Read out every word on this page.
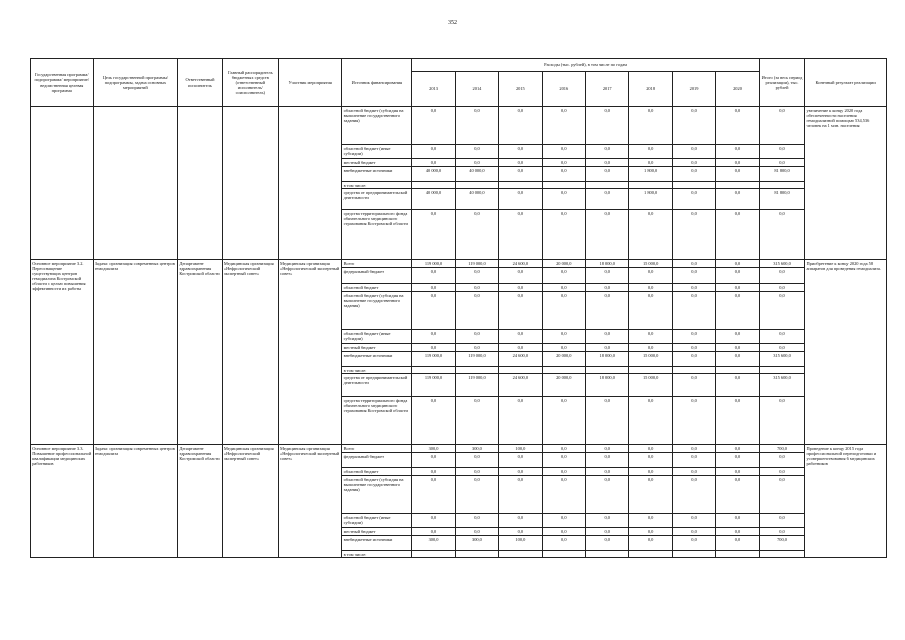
352
Государственная программа/подпрограмма/ мероприятие/ ведомственная целевая программа	Цель государственной программы/подпрограммы, задача основных мероприятий	Ответственный исполнитель	Главный распорядитель бюджетных средств (ответственный исполнитель/ соисполнитель)	Участник мероприятия	Источник финансирования	Расходы (тыс. рублей), в том числе по годам								Итого (за весь период реализации), тыс. рублей	Конечный результат реализации
						2013	2014	2015	2016	2017	2018	2019	2020		
					областной бюджет (субсидия на выполнение государственного задания)	0,0	0,0	0,0	0,0	0,0	0,0	0,0	0,0	0,0	увеличение к концу 2020 года обеспеченности населения гемодиализной помощью 534,536 человек на 1 млн. населения
					областной бюджет (иные субсидии)	0,0	0,0	0,0	0,0	0,0	0,0	0,0	0,0	0,0	
					местный бюджет	0,0	0,0	0,0	0,0	0,0	0,0	0,0	0,0	0,0	
					внебюджетные источники	40 000,0	40 000,0	0,0	0,0	0,0	1 800,0	0,0	0,0	81 800,0	
					в том числе:										
					средства от предпринимательской деятельности	40 000,0	40 000,0	0,0	0,0	0,0	1 800,0	0,0	0,0	81 800,0	
					средства территориального фонда обязательного медицинского страхования Костромской области	0,0	0,0	0,0	0,0	0,0	0,0	0,0	0,0	0,0	
Основное мероприятие 3.2. Переоснащение существующих центров гемодиализа Костромской области с целью повышения эффективности их работы	Задача: организация современных центров гемодиализа	Департамент здравоохранения Костромской области	Медицинская организация «Нефрологический экспертный совет»	Медицинская организация «Нефрологический экспертный совет»	Всего	119 000,0	119 000,0	24 600,0	20 000,0	18 000,0	15 000,0	0,0	0,0	315 600,0	Приобретение к концу 2020 года 58 аппаратов для проведения гемодиализа.
					федеральный бюджет	0,0	0,0	0,0	0,0	0,0	0,0	0,0	0,0	0,0	
					областной бюджет	0,0	0,0	0,0	0,0	0,0	0,0	0,0	0,0	0,0	
					областной бюджет (субсидия на выполнение государственного задания)	0,0	0,0	0,0	0,0	0,0	0,0	0,0	0,0	0,0	
					областной бюджет (иные субсидии)	0,0	0,0	0,0	0,0	0,0	0,0	0,0	0,0	0,0	
					местный бюджет	0,0	0,0	0,0	0,0	0,0	0,0	0,0	0,0	0,0	
					внебюджетные источники	119 000,0	119 000,0	24 600,0	20 000,0	18 000,0	15 000,0	0,0	0,0	315 600,0	
					в том числе:										
					средства от предпринимательской деятельности	119 000,0	119 000,0	24 600,0	20 000,0	18 000,0	15 000,0	0,0	0,0	315 600,0	
					средства территориального фонда обязательного медицинского страхования Костромской области	0,0	0,0	0,0	0,0	0,0	0,0	0,0	0,0	0,0	
Основное мероприятие 3.3. Повышение профессиональной квалификации медицинских работников	Задача: организация современных центров гемодиализа	Департамент здравоохранения Костромской области	Медицинская организация «Нефрологический экспертный совет»	Медицинская организация «Нефрологический экспертный совет»	Всего	300,0	300,0	100,0	0,0	0,0	0,0	0,0	0,0	700,0	Проведение к концу 2015 года профессиональной переподготовки и усовершенствования 6 медицинских работников
					федеральный бюджет	0,0	0,0	0,0	0,0	0,0	0,0	0,0	0,0	0,0	
					областной бюджет	0,0	0,0	0,0	0,0	0,0	0,0	0,0	0,0	0,0	
					областной бюджет (субсидия на выполнение государственного задания)	0,0	0,0	0,0	0,0	0,0	0,0	0,0	0,0	0,0	
					областной бюджет (иные субсидии)	0,0	0,0	0,0	0,0	0,0	0,0	0,0	0,0	0,0	
					местный бюджет	0,0	0,0	0,0	0,0	0,0	0,0	0,0	0,0	0,0	
					внебюджетные источники	300,0	300,0	100,0	0,0	0,0	0,0	0,0	0,0	700,0	
					в том числе:										
